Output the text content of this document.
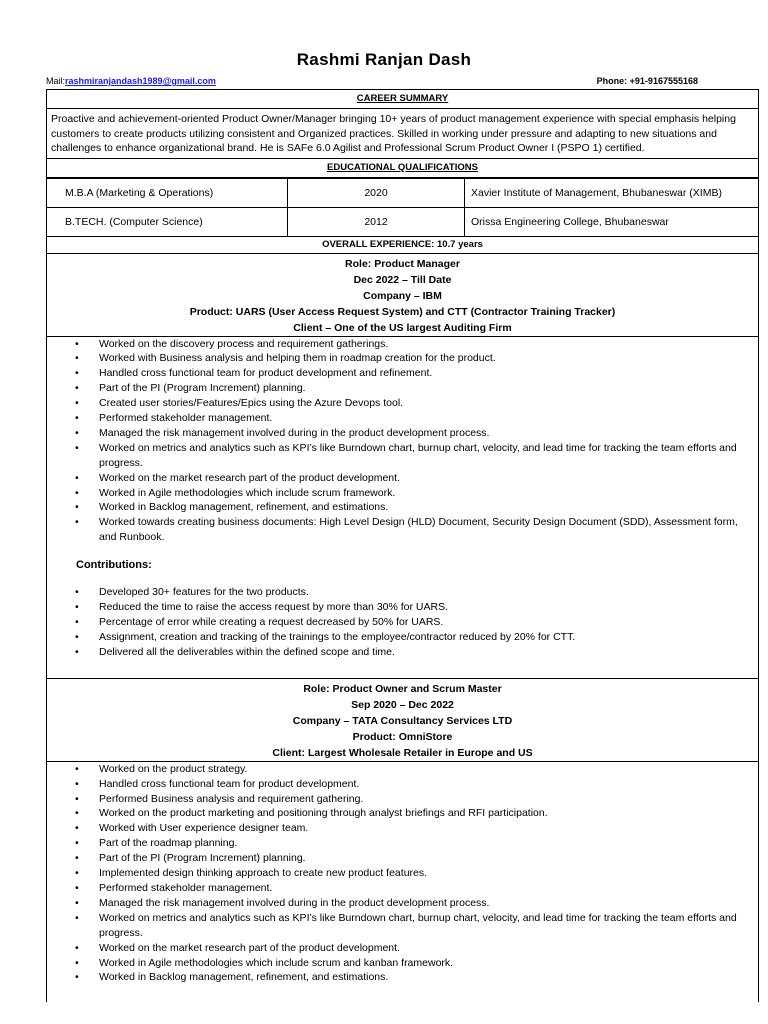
Rashmi Ranjan Dash
Mail:rashmiranjandash1989@gmail.com	Phone: +91-9167555168
CAREER SUMMARY
Proactive and achievement-oriented Product Owner/Manager bringing 10+ years of product management experience with special emphasis helping customers to create products utilizing consistent and Organized practices. Skilled in working under pressure and adapting to new situations and challenges to enhance organizational brand. He is SAFe 6.0 Agilist and Professional Scrum Product Owner I (PSPO 1) certified.
EDUCATIONAL QUALIFICATIONS
M.B.A (Marketing & Operations)	2020	Xavier Institute of Management, Bhubaneswar (XIMB)
B.TECH. (Computer Science)	2012	Orissa Engineering College, Bhubaneswar
OVERALL EXPERIENCE: 10.7 years
Role: Product Manager
Dec 2022 – Till Date
Company – IBM
Product: UARS (User Access Request System) and CTT (Contractor Training Tracker)
Client – One of the US largest Auditing Firm
• Worked on the discovery process and requirement gatherings.
• Worked with Business analysis and helping them in roadmap creation for the product.
• Handled cross functional team for product development and refinement.
• Part of the PI (Program Increment) planning.
• Created user stories/Features/Epics using the Azure Devops tool.
• Performed stakeholder management.
• Managed the risk management involved during in the product development process.
• Worked on metrics and analytics such as KPI’s like Burndown chart, burnup chart, velocity, and lead time for tracking the team efforts and progress.
• Worked on the market research part of the product development.
• Worked in Agile methodologies which include scrum framework.
• Worked in Backlog management, refinement, and estimations.
• Worked towards creating business documents: High Level Design (HLD) Document, Security Design Document (SDD), Assessment form, and Runbook.
Contributions:
• Developed 30+ features for the two products.
• Reduced the time to raise the access request by more than 30% for UARS.
• Percentage of error while creating a request decreased by 50% for UARS.
• Assignment, creation and tracking of the trainings to the employee/contractor reduced by 20% for CTT.
• Delivered all the deliverables within the defined scope and time.
Role: Product Owner and Scrum Master
Sep 2020 – Dec 2022
Company – TATA Consultancy Services LTD
Product: OmniStore
Client: Largest Wholesale Retailer in Europe and US
• Worked on the product strategy.
• Handled cross functional team for product development.
• Performed Business analysis and requirement gathering.
• Worked on the product marketing and positioning through analyst briefings and RFI participation.
• Worked with User experience designer team.
• Part of the roadmap planning.
• Part of the PI (Program Increment) planning.
• Implemented design thinking approach to create new product features.
• Performed stakeholder management.
• Managed the risk management involved during in the product development process.
• Worked on metrics and analytics such as KPI’s like Burndown chart, burnup chart, velocity, and lead time for tracking the team efforts and progress.
• Worked on the market research part of the product development.
• Worked in Agile methodologies which include scrum and kanban framework.
• Worked in Backlog management, refinement, and estimations.
